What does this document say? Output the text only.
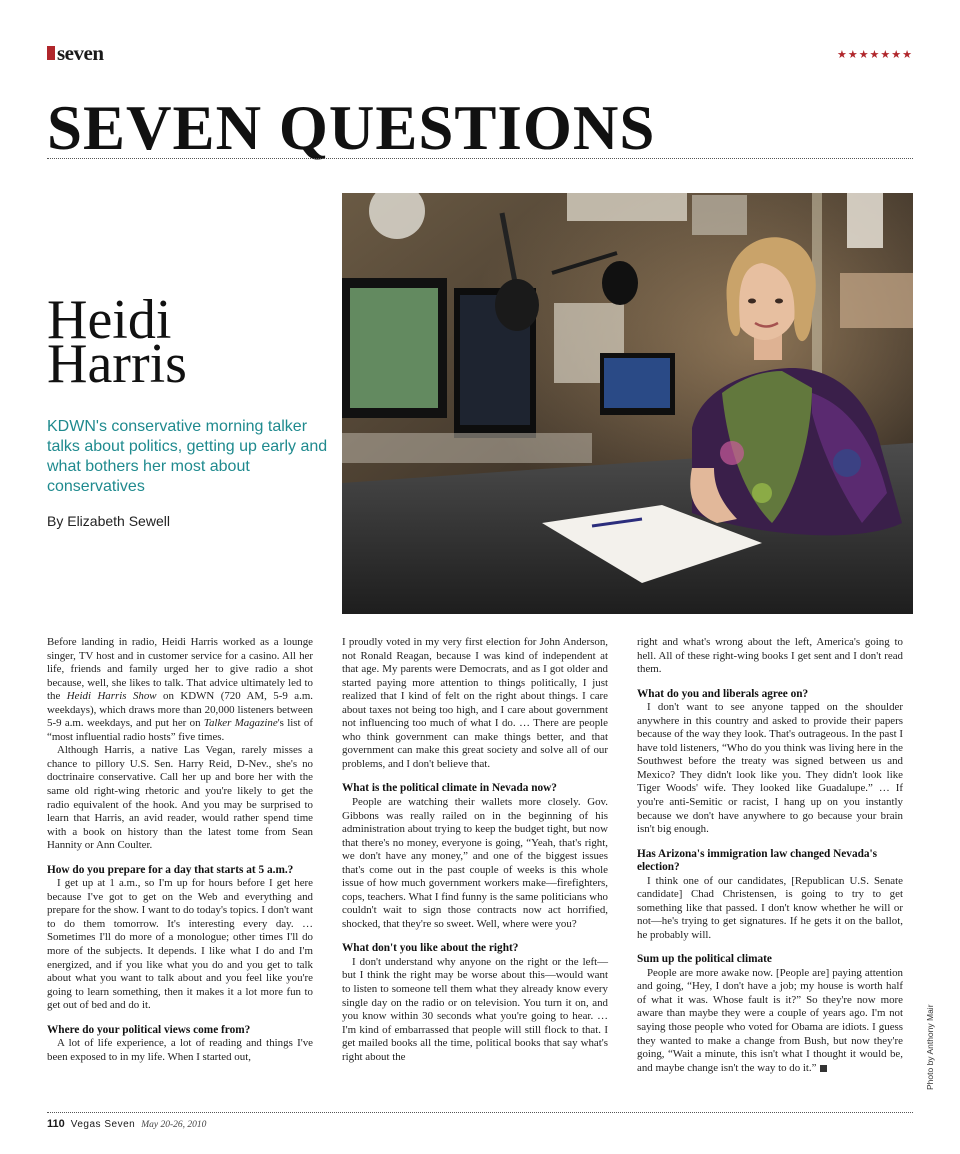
seven	★★★★★★★
SEVEN QUESTIONS
Heidi
Harris
KDWN's conservative morning talker talks about politics, getting up early and what bothers her most about conservatives
By Elizabeth Sewell
Photo by Anthony Mair

Before landing in radio, Heidi Harris worked as a lounge singer, TV host and in customer service for a casino. All her life, friends and family urged her to give radio a shot because, well, she likes to talk. That advice ultimately led to the Heidi Harris Show on KDWN (720 AM, 5-9 a.m. weekdays), which draws more than 20,000 listeners between 5-9 a.m. weekdays, and put her on Talker Magazine's list of “most influential radio hosts” five times.

Although Harris, a native Las Vegan, rarely misses a chance to pillory U.S. Sen. Harry Reid, D-Nev., she's no doctrinaire conservative. Call her up and bore her with the same old right-wing rhetoric and you're likely to get the radio equivalent of the hook. And you may be surprised to learn that Harris, an avid reader, would rather spend time with a book on history than the latest tome from Sean Hannity or Ann Coulter.

How do you prepare for a day that starts at 5 a.m.?

I get up at 1 a.m., so I'm up for hours before I get here because I've got to get on the Web and everything and prepare for the show. I want to do today's topics. I don't want to do them tomorrow. It's interesting every day. … Sometimes I'll do more of a monologue; other times I'll do more of the subjects. It depends. I like what I do and I'm energized, and if you like what you do and you get to talk about what you want to talk about and you feel like you're going to learn something, then it makes it a lot more fun to get out of bed and do it.

Where do your political views come from?

A lot of life experience, a lot of reading and things I've been exposed to in my life. When I started out,

I proudly voted in my very first election for John Anderson, not Ronald Reagan, because I was kind of independent at that age. My parents were Democrats, and as I got older and started paying more attention to things politically, I just realized that I kind of felt on the right about things. I care about taxes not being too high, and I care about government not influencing too much of what I do. … There are people who think government can make things better, and that government can make this great society and solve all of our problems, and I don't believe that.

What is the political climate in Nevada now?

People are watching their wallets more closely. Gov. Gibbons was really railed on in the beginning of his administration about trying to keep the budget tight, but now that there's no money, everyone is going, “Yeah, that's right, we don't have any money,” and one of the biggest issues that's come out in the past couple of weeks is this whole issue of how much government workers make—firefighters, cops, teachers. What I find funny is the same politicians who couldn't wait to sign those contracts now act horrified, shocked, that they're so sweet. Well, where were you?

What don't you like about the right?

I don't understand why anyone on the right or the left—but I think the right may be worse about this—would want to listen to someone tell them what they already know every single day on the radio or on television. You turn it on, and you know within 30 seconds what you're going to hear. … I'm kind of embarrassed that people will still flock to that. I get mailed books all the time, political books that say what's right about the

right and what's wrong about the left, America's going to hell. All of these right-wing books I get sent and I don't read them.

What do you and liberals agree on?

I don't want to see anyone tapped on the shoulder anywhere in this country and asked to provide their papers because of the way they look. That's outrageous. In the past I have told listeners, “Who do you think was living here in the Southwest before the treaty was signed between us and Mexico? They didn't look like you. They didn't look like Tiger Woods' wife. They looked like Guadalupe.” … If you're anti-Semitic or racist, I hang up on you instantly because we don't have anywhere to go because your brain isn't big enough.

Has Arizona's immigration law changed Nevada's election?

I think one of our candidates, [Republican U.S. Senate candidate] Chad Christensen, is going to try to get something like that passed. I don't know whether he will or not—he's trying to get signatures. If he gets it on the ballot, he probably will.

Sum up the political climate

People are more awake now. [People are] paying attention and going, “Hey, I don't have a job; my house is worth half of what it was. Whose fault is it?” So they're now more aware than maybe they were a couple of years ago. I'm not saying those people who voted for Obama are idiots. I guess they wanted to make a change from Bush, but now they're going, “Wait a minute, this isn't what I thought it would be, and maybe change isn't the way to do it.”

110 Vegas Seven May 20-26, 2010
